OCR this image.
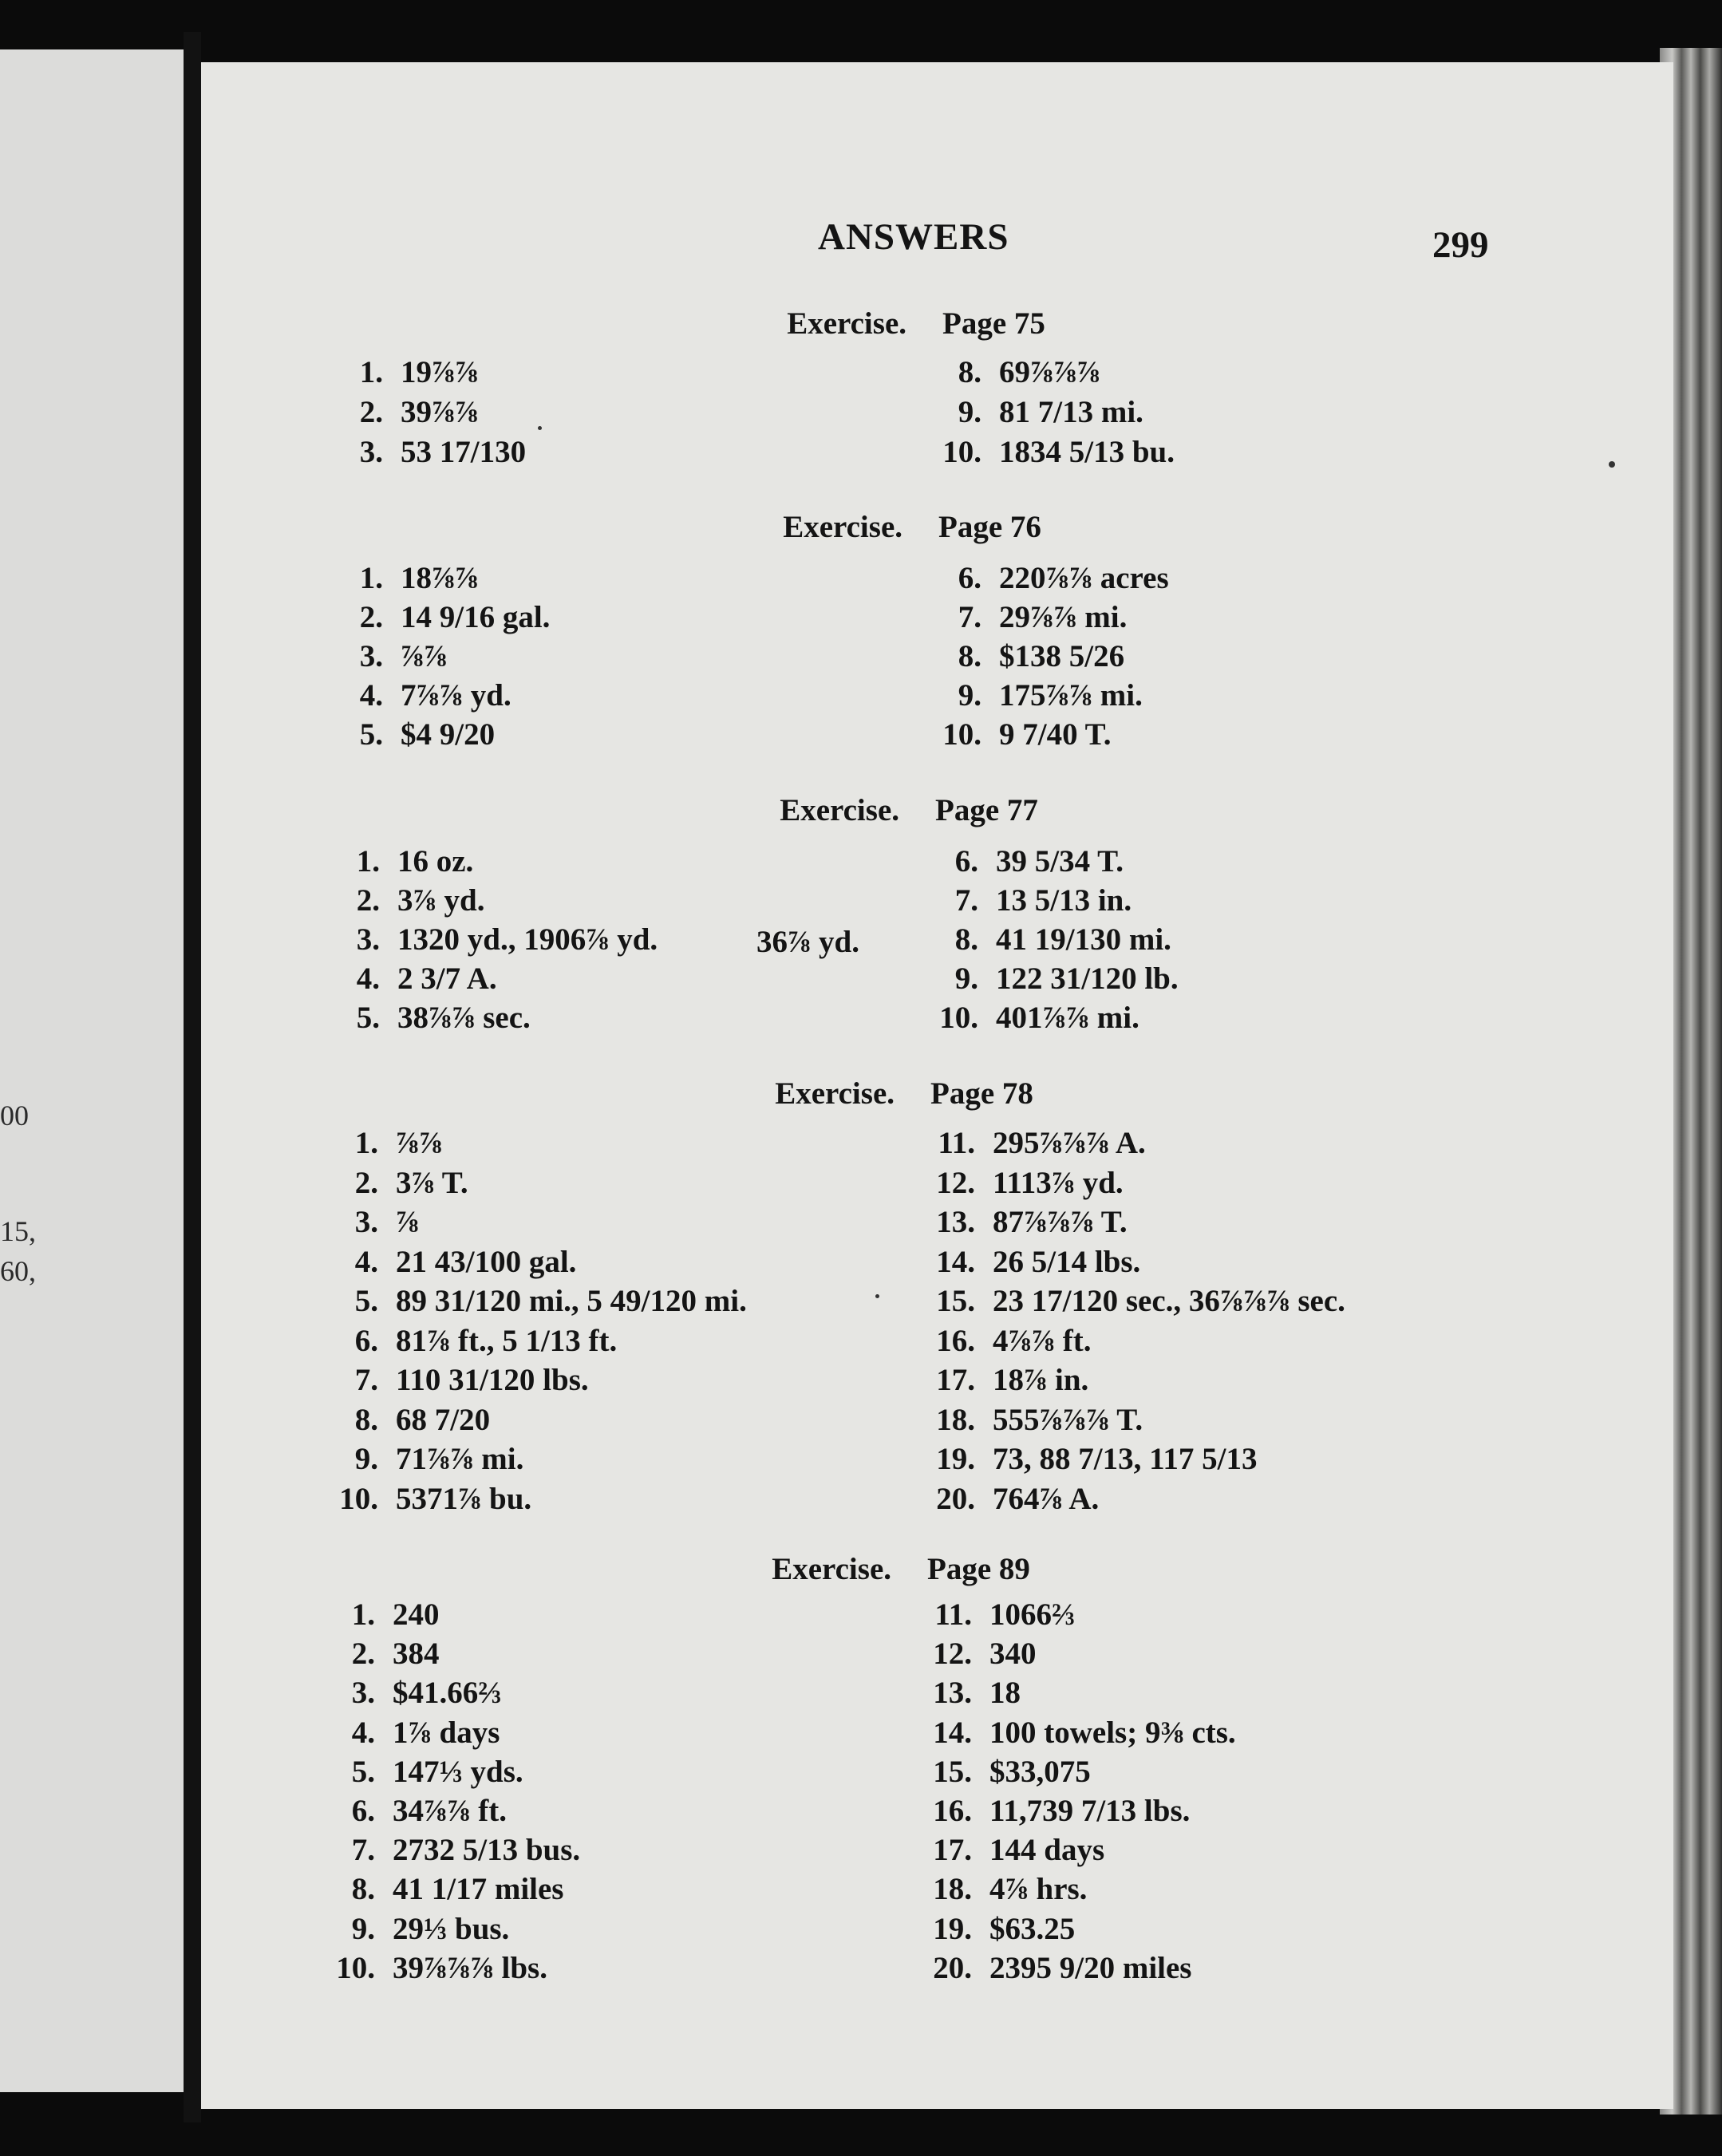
00
15,
60,
ANSWERS	299
Exercise. Page 75
1. 19⅞⅞
2. 39⅞⅞
3. 53 17/130
8. 69⅞⅞⅞
9. 81 7/13 mi.
10. 1834 5/13 bu.
Exercise. Page 76
1. 18⅞⅞
2. 14 9/16 gal.
3. ⅞⅞
4. 7⅞⅞ yd.
5. $4 9/20
6. 220⅞⅞ acres
7. 29⅞⅞ mi.
8. $138 5/26
9. 175⅞⅞ mi.
10. 9 7/40 T.
Exercise. Page 77
1. 16 oz.
2. 3⅞ yd.
3. 1320 yd., 1906⅞ yd.
4. 2 3/7 A.
5. 38⅞⅞ sec.
6. 39 5/34 T.
7. 13 5/13 in.
8. 41 19/130 mi.
9. 122 31/120 lb.
10. 401⅞⅞ mi.
36⅞ yd.
Exercise. Page 78
1. ⅞⅞
2. 3⅞ T.
3. ⅞
4. 21 43/100 gal.
5. 89 31/120 mi., 5 49/120 mi.
6. 81⅞ ft., 5 1/13 ft.
7. 110 31/120 lbs.
8. 68 7/20
9. 71⅞⅞ mi.
10. 5371⅞ bu.
11. 295⅞⅞⅞ A.
12. 1113⅞ yd.
13. 87⅞⅞⅞ T.
14. 26 5/14 lbs.
15. 23 17/120 sec., 36⅞⅞⅞ sec.
16. 4⅞⅞ ft.
17. 18⅞ in.
18. 555⅞⅞⅞ T.
19. 73, 88 7/13, 117 5/13
20. 764⅞ A.
Exercise. Page 89
1. 240
2. 384
3. $41.66⅔
4. 1⅞ days
5. 147⅓ yds.
6. 34⅞⅞ ft.
7. 2732 5/13 bus.
8. 41 1/17 miles
9. 29⅓ bus.
10. 39⅞⅞⅞ lbs.
11. 1066⅔
12. 340
13. 18
14. 100 towels; 9⅜ cts.
15. $33,075
16. 11,739 7/13 lbs.
17. 144 days
18. 4⅞ hrs.
19. $63.25
20. 2395 9/20 miles
